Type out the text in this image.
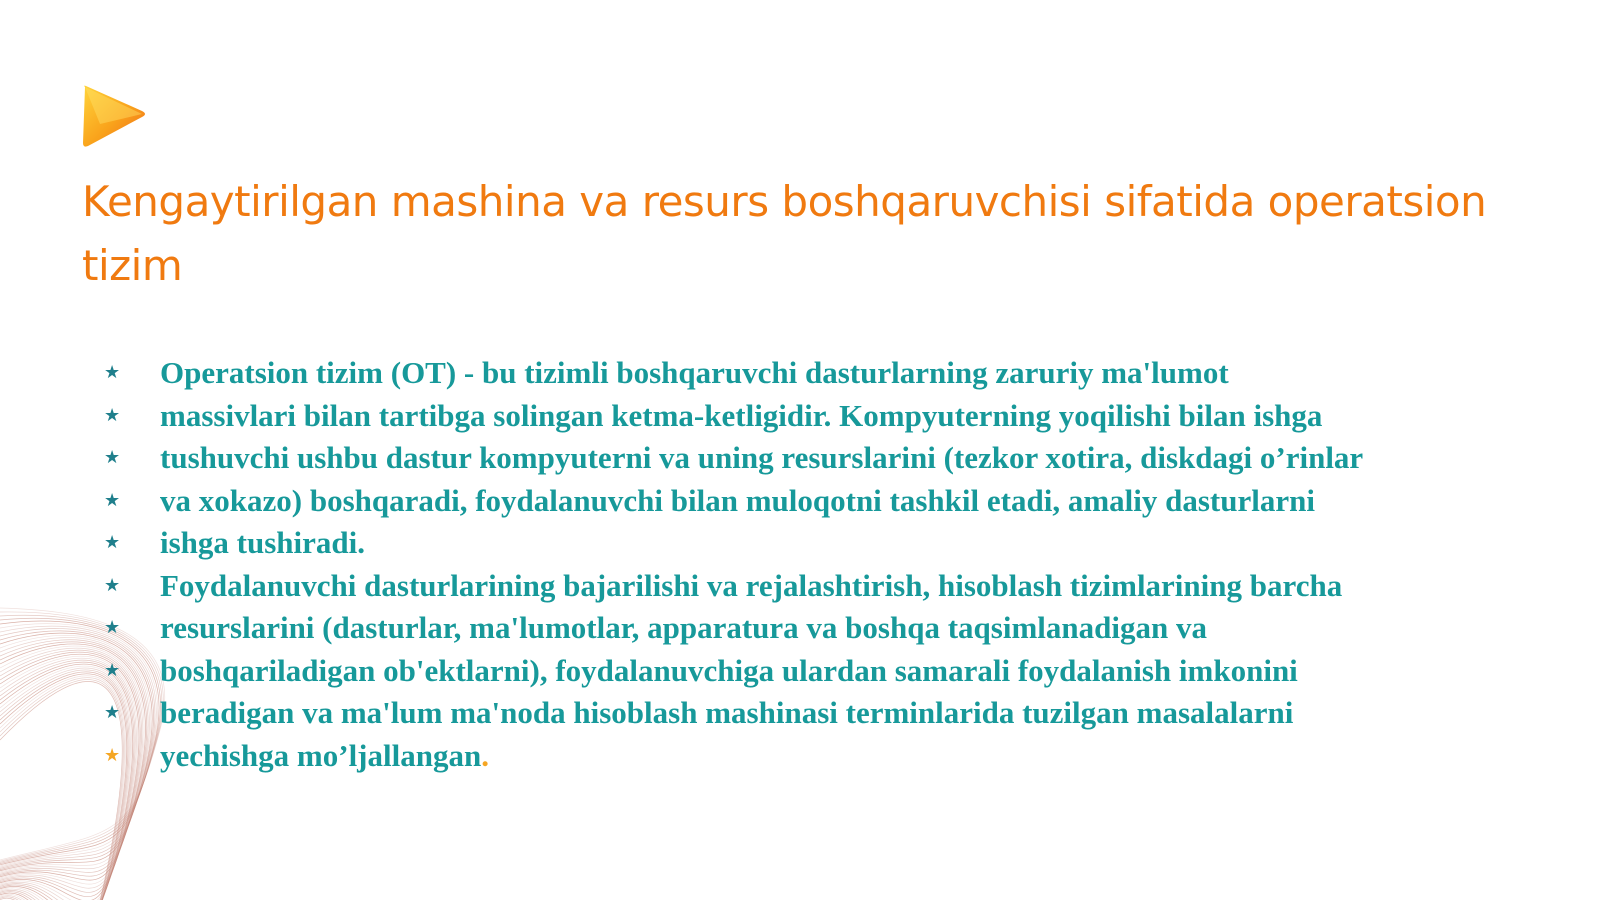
Kengaytirilgan mashina va resurs boshqaruvchisi sifatida operatsion tizim
★ Operatsion tizim (OT) - bu tizimli boshqaruvchi dasturlarning zaruriy ma'lumot
★ massivlari bilan tartibga solingan ketma-ketligidir. Kompyuterning yoqilishi bilan ishga
★ tushuvchi ushbu dastur kompyuterni va uning resurslarini (tezkor xotira, diskdagi o’rinlar
★ va xokazo) boshqaradi, foydalanuvchi bilan muloqotni tashkil etadi, amaliy dasturlarni
★ ishga tushiradi.
★ Foydalanuvchi dasturlarining bajarilishi va rejalashtirish, hisoblash tizimlarining barcha
★ resurslarini (dasturlar, ma'lumotlar, apparatura va boshqa taqsimlanadigan va
★ boshqariladigan ob'ektlarni), foydalanuvchiga ulardan samarali foydalanish imkonini
★ beradigan va ma'lum ma'noda hisoblash mashinasi terminlarida tuzilgan masalalarni
★ yechishga mo’ljallangan.
